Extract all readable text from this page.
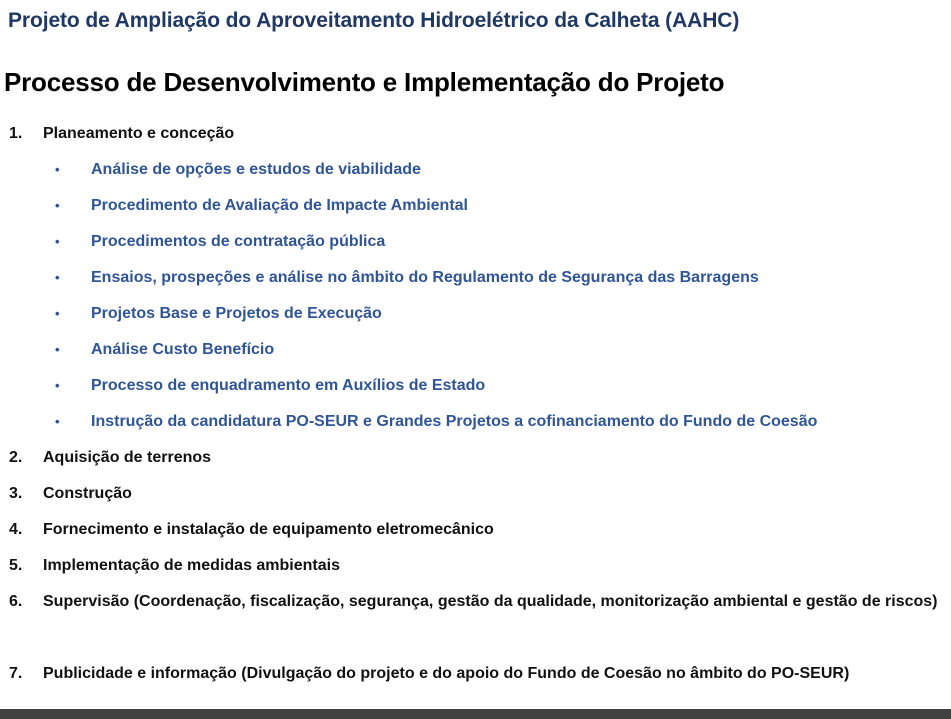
Projeto de Ampliação do Aproveitamento Hidroelétrico da Calheta (AAHC)
Processo de Desenvolvimento e Implementação do Projeto
1. Planeamento e conceção
• Análise de opções e estudos de viabilidade
• Procedimento de Avaliação de Impacte Ambiental
• Procedimentos de contratação pública
• Ensaios, prospeções e análise no âmbito do Regulamento de Segurança das Barragens
• Projetos Base e Projetos de Execução
• Análise Custo Benefício
• Processo de enquadramento em Auxílios de Estado
• Instrução da candidatura PO-SEUR e Grandes Projetos a cofinanciamento do Fundo de Coesão
2. Aquisição de terrenos
3. Construção
4. Fornecimento e instalação de equipamento eletromecânico
5. Implementação de medidas ambientais
6. Supervisão (Coordenação, fiscalização, segurança, gestão da qualidade, monitorização ambiental e gestão de riscos)
7. Publicidade e informação (Divulgação do projeto e do apoio do Fundo de Coesão no âmbito do PO-SEUR)
